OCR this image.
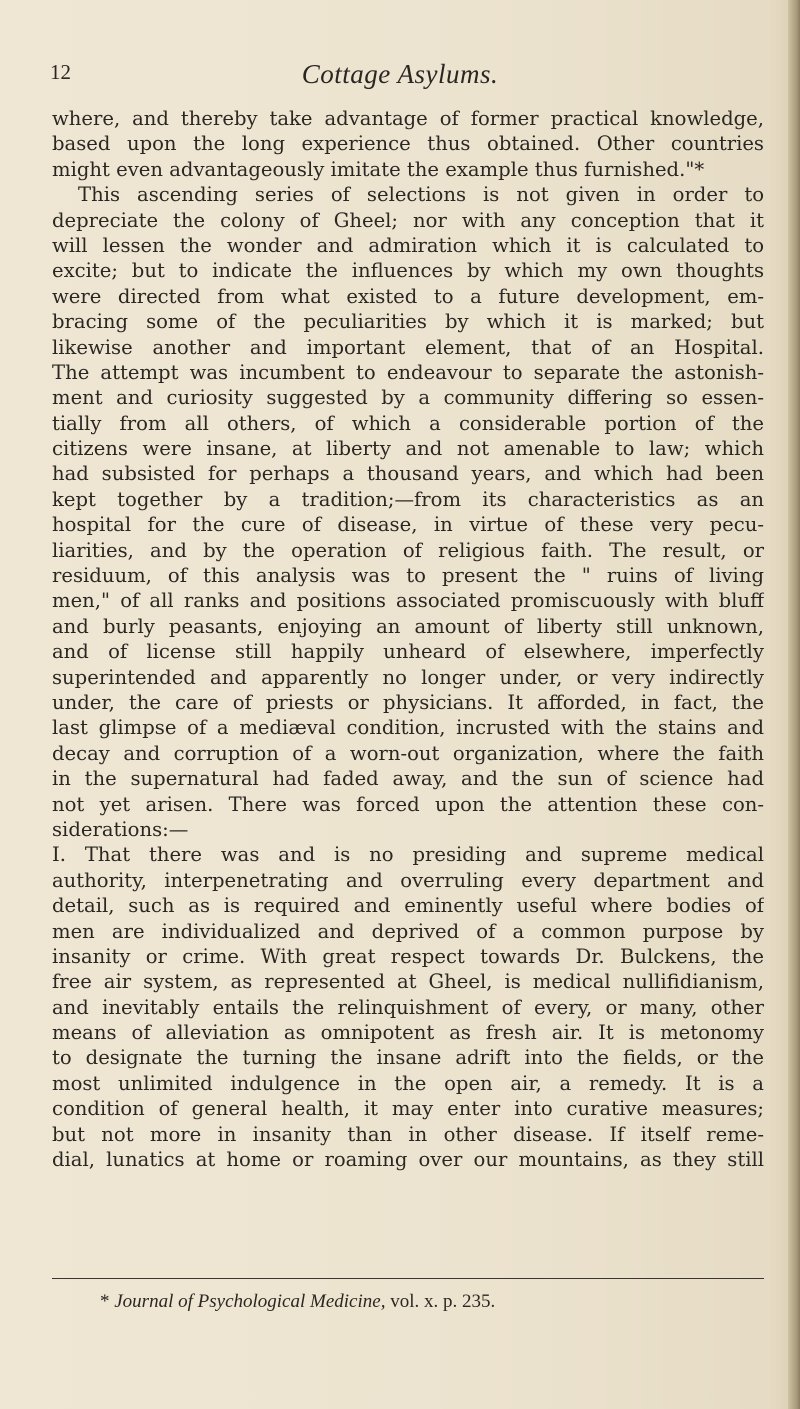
12	Cottage Asylums.
where, and thereby take advantage of former practical knowledge,
based upon the long experience thus obtained. Other countries
might even advantageously imitate the example thus furnished."*
This ascending series of selections is not given in order to
depreciate the colony of Gheel; nor with any conception that it
will lessen the wonder and admiration which it is calculated to
excite; but to indicate the influences by which my own thoughts
were directed from what existed to a future development, em-
bracing some of the peculiarities by which it is marked; but
likewise another and important element, that of an Hospital.
The attempt was incumbent to endeavour to separate the astonish-
ment and curiosity suggested by a community differing so essen-
tially from all others, of which a considerable portion of the
citizens were insane, at liberty and not amenable to law; which
had subsisted for perhaps a thousand years, and which had been
kept together by a tradition;—from its characteristics as an
hospital for the cure of disease, in virtue of these very pecu-
liarities, and by the operation of religious faith. The result, or
residuum, of this analysis was to present the " ruins of living
men," of all ranks and positions associated promiscuously with bluff
and burly peasants, enjoying an amount of liberty still unknown,
and of license still happily unheard of elsewhere, imperfectly
superintended and apparently no longer under, or very indirectly
under, the care of priests or physicians. It afforded, in fact, the
last glimpse of a mediæval condition, incrusted with the stains and
decay and corruption of a worn-out organization, where the faith
in the supernatural had faded away, and the sun of science had
not yet arisen. There was forced upon the attention these con-
siderations:—
I. That there was and is no presiding and supreme medical
authority, interpenetrating and overruling every department and
detail, such as is required and eminently useful where bodies of
men are individualized and deprived of a common purpose by
insanity or crime. With great respect towards Dr. Bulckens, the
free air system, as represented at Gheel, is medical nullifidianism,
and inevitably entails the relinquishment of every, or many, other
means of alleviation as omnipotent as fresh air. It is metonomy
to designate the turning the insane adrift into the fields, or the
most unlimited indulgence in the open air, a remedy. It is a
condition of general health, it may enter into curative measures;
but not more in insanity than in other disease. If itself reme-
dial, lunatics at home or roaming over our mountains, as they still
* Journal of Psychological Medicine, vol. x. p. 235.
